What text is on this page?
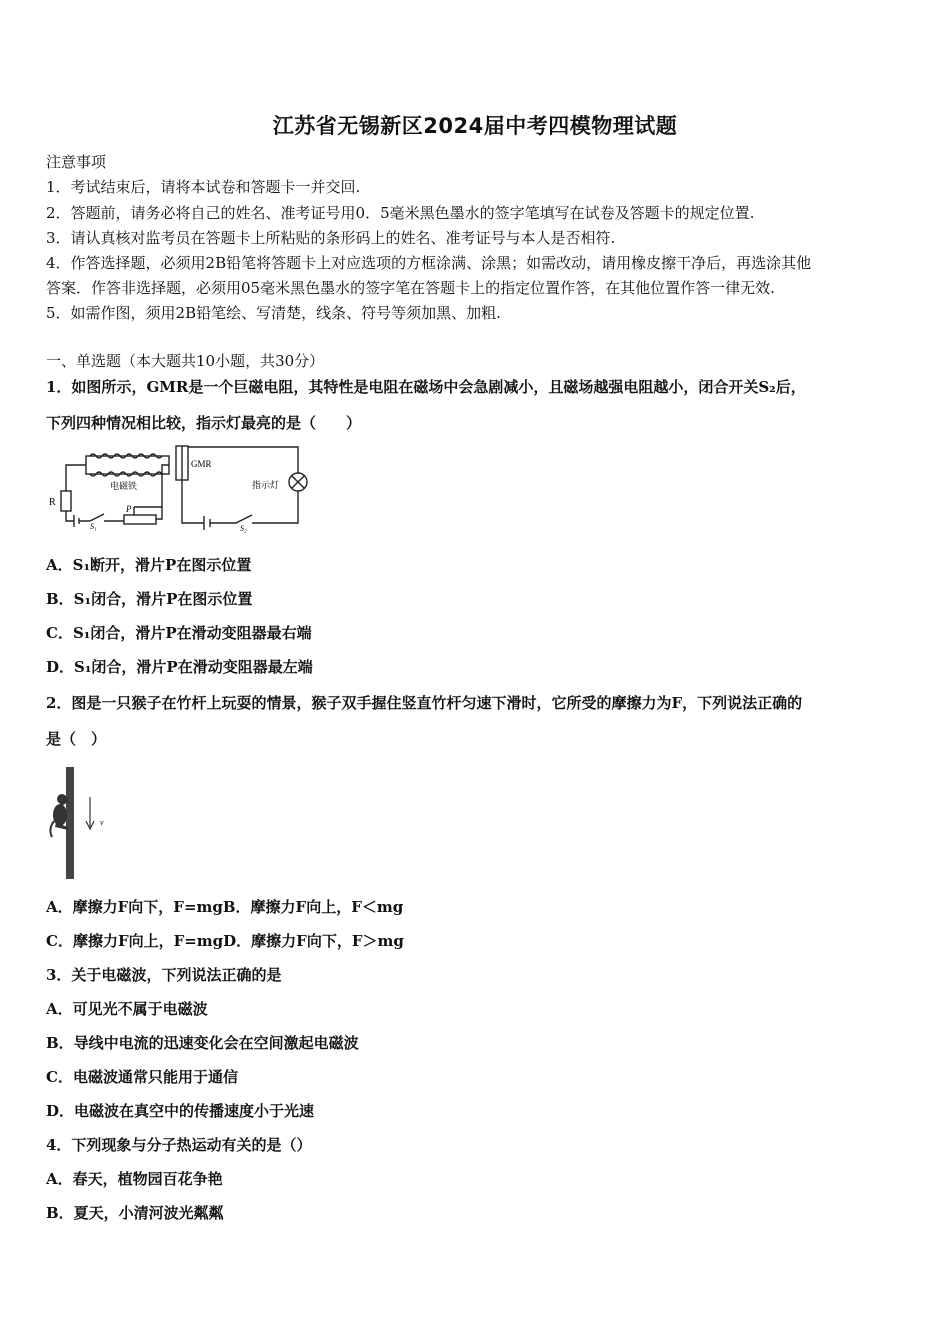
江苏省无锡新区2024届中考四模物理试题
注意事项
1．考试结束后，请将本试卷和答题卡一并交回.
2．答题前，请务必将自己的姓名、准考证号用0．5毫米黑色墨水的签字笔填写在试卷及答题卡的规定位置.
3．请认真核对监考员在答题卡上所粘贴的条形码上的姓名、准考证号与本人是否相符.
4．作答选择题，必须用2B铅笔将答题卡上对应选项的方框涂满、涂黑；如需改动，请用橡皮擦干净后，再选涂其他
答案．作答非选择题，必须用05毫米黑色墨水的签字笔在答题卡上的指定位置作答，在其他位置作答一律无效.
5．如需作图，须用2B铅笔绘、写清楚，线条、符号等须加黑、加粗.
一、单选题（本大题共10小题，共30分）
1．如图所示，GMR是一个巨磁电阻，其特性是电阻在磁场中会急剧减小，且磁场越强电阻越小，闭合开关S₂后，
下列四种情况相比较，指示灯最亮的是（　　）
GMR
电磁铁	指示灯
R
P
S₁	S₂
A．S₁断开，滑片P在图示位置
B．S₁闭合，滑片P在图示位置
C．S₁闭合，滑片P在滑动变阻器最右端
D．S₁闭合，滑片P在滑动变阻器最左端
2．图是一只猴子在竹杆上玩耍的情景，猴子双手握住竖直竹杆匀速下滑时，它所受的摩擦力为F，下列说法正确的
是（　）
v
A．摩擦力F向下，F=mgB．摩擦力F向上，F＜mg
C．摩擦力F向上，F=mgD．摩擦力F向下，F＞mg
3．关于电磁波，下列说法正确的是
A．可见光不属于电磁波
B．导线中电流的迅速变化会在空间激起电磁波
C．电磁波通常只能用于通信
D．电磁波在真空中的传播速度小于光速
4．下列现象与分子热运动有关的是（）
A．春天，植物园百花争艳
B．夏天，小清河波光粼粼
